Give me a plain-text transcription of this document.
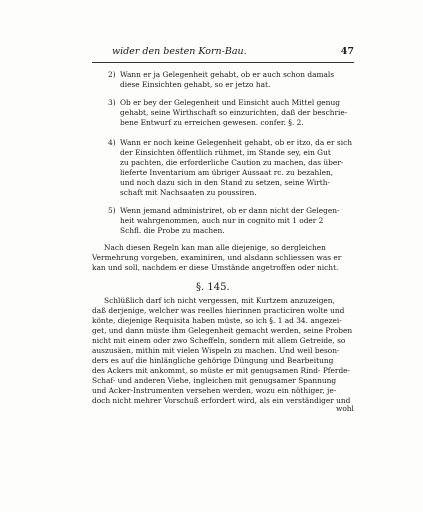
wider den besten Korn-Bau.	47
2) Wann er ja Gelegenheit gehabt, ob er auch schon damals
diese Einsichten gehabt, so er jetzo hat.
3) Ob er bey der Gelegenheit und Einsicht auch Mittel genug
gehabt, seine Wirthschaft so einzurichten, daß der beschrie-
bene Entwurf zu erreichen gewesen. confer. §. 2.
4) Wann er noch keine Gelegenheit gehabt, ob er itzo, da er sich
der Einsichten öffentlich rühmet, im Stande sey, ein Gut
zu pachten, die erforderliche Caution zu machen, das über-
lieferte Inventarium am übriger Aussaat rc. zu bezahlen,
und noch dazu sich in den Stand zu setzen, seine Wirth-
schaft mit Nachsaaten zu poussiren.
5) Wenn jemand administriret, ob er dann nicht der Gelegen-
heit wahrgenommen, auch nur in cognito mit 1 oder 2
Schfl. die Probe zu machen.
Nach diesen Regeln kan man alle diejenige, so dergleichen
Vermehrung vorgeben, examiniren, und alsdann schliessen was er
kan und soll, nachdem er diese Umstände angetroffen oder nicht.
§. 145.
Schlüßlich darf ich nicht vergessen, mit Kurtzem anzuzeigen,
daß derjenige, welcher was reelles hierinnen practiciren wolte und
könte, diejenige Requisita haben müste, so ich §. 1 ad 34. angezei-
get, und dann müste ihm Gelegenheit gemacht werden, seine Proben
nicht mit einem oder zwo Scheffeln, sondern mit allem Getreide, so
auszusäen, mithin mit vielen Wispeln zu machen. Und weil beson-
ders es auf die hinlängliche gehörige Düngung und Bearbeitung
des Ackers mit ankommt, so müste er mit genugsamen Rind- Pferde-
Schaf- und anderen Viehe, ingleichen mit genugsamer Spannung
und Acker-Instrumenten versehen werden, wozu ein nöthiger, je-
doch nicht mehrer Vorschuß erfordert wird, als ein verständiger und
wohl
